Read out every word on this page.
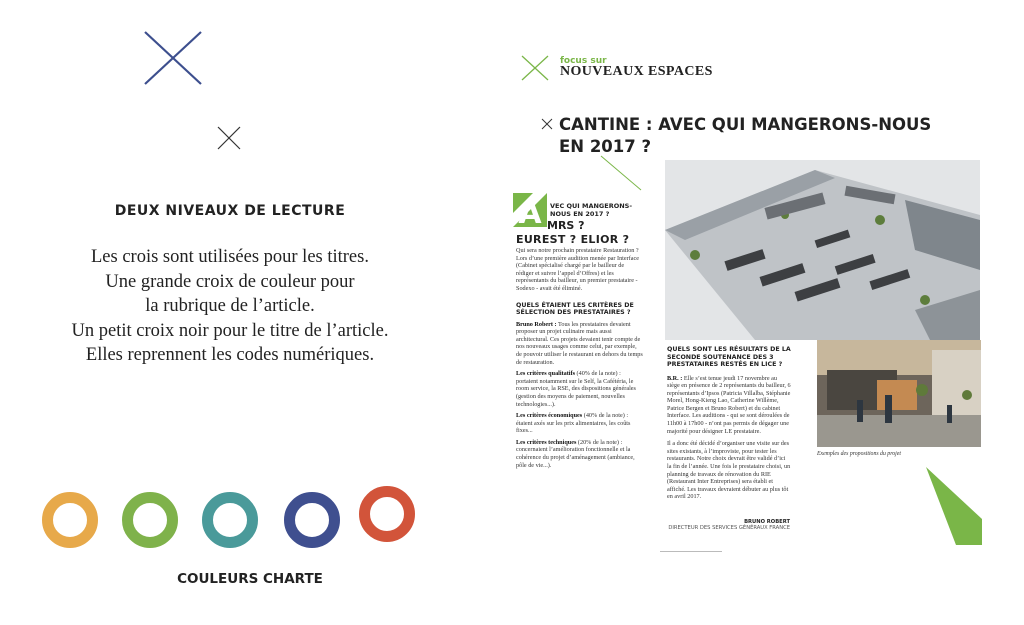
DEUX NIVEAUX DE LECTURE
Les crois sont utilisées pour les titres.
Une grande croix de couleur pour
la rubrique de l’article.
Un petit croix noir pour le titre de l’article.
Elles reprennent les codes numériques.
COULEURS CHARTE
focus sur
NOUVEAUX ESPACES
CANTINE : AVEC QUI MANGERONS-NOUS
EN 2017 ?
Exemples des propositions du projet
A VEC QUI MANGERONS-NOUS EN 2017 ?
MRS ?
EUREST ? ELIOR ?
Qui sera notre prochain prestataire Restauration ? Lors d’une première audition menée par Interface (Cabinet spécialisé chargé par le bailleur de rédiger et suivre l’appel d’Offres) et les représentants du bailleur, un premier prestataire - Sodexo - avait été éliminé.
QUELS ÉTAIENT LES CRITÈRES DE SÉLECTION DES PRESTATAIRES ?
Bruno Robert : Tous les prestataires devaient proposer un projet culinaire mais aussi architectural. Ces projets devaient tenir compte de nos nouveaux usages comme celui, par exemple, de pouvoir utiliser le restaurant en dehors du temps de restauration.
Les critères qualitatifs (40% de la note) : portaient notamment sur le Self, la Cafétéria, le room service, la RSE, des dispositions générales (gestion des moyens de paiement, nouvelles technologies...).
Les critères économiques (40% de la note) : étaient axés sur les prix alimentaires, les coûts fixes...
Les critères techniques (20% de la note) : concernaient l’amélioration fonctionnelle et la cohérence du projet d’aménagement (ambiance, pôle de vie...).
QUELS SONT LES RÉSULTATS DE LA SECONDE SOUTENANCE DES 3 PRESTATAIRES RESTÉS EN LICE ?
B.R. : Elle s’est tenue jeudi 17 novembre au siège en présence de 2 représentants du bailleur, 6 représentants d’Ipsos (Patricia Villalba, Stéphanie Morel, Hong-Kieng Lao, Catherine Willème, Patrice Bergen et Bruno Robert) et du cabinet Interface. Les auditions - qui se sont déroulées de 11h00 à 17h00 - n’ont pas permis de dégager une majorité pour désigner LE prestataire.
Il a donc été décidé d’organiser une visite sur des sites existants, à l’improviste, pour tester les restaurants. Notre choix devrait être validé d’ici la fin de l’année. Une fois le prestataire choisi, un planning de travaux de rénovation du RIE (Restaurant Inter Entreprises) sera établi et affiché. Les travaux devraient débuter au plus tôt en avril 2017.
BRUNO ROBERT
DIRECTEUR DES SERVICES GÉNÉRAUX FRANCE
